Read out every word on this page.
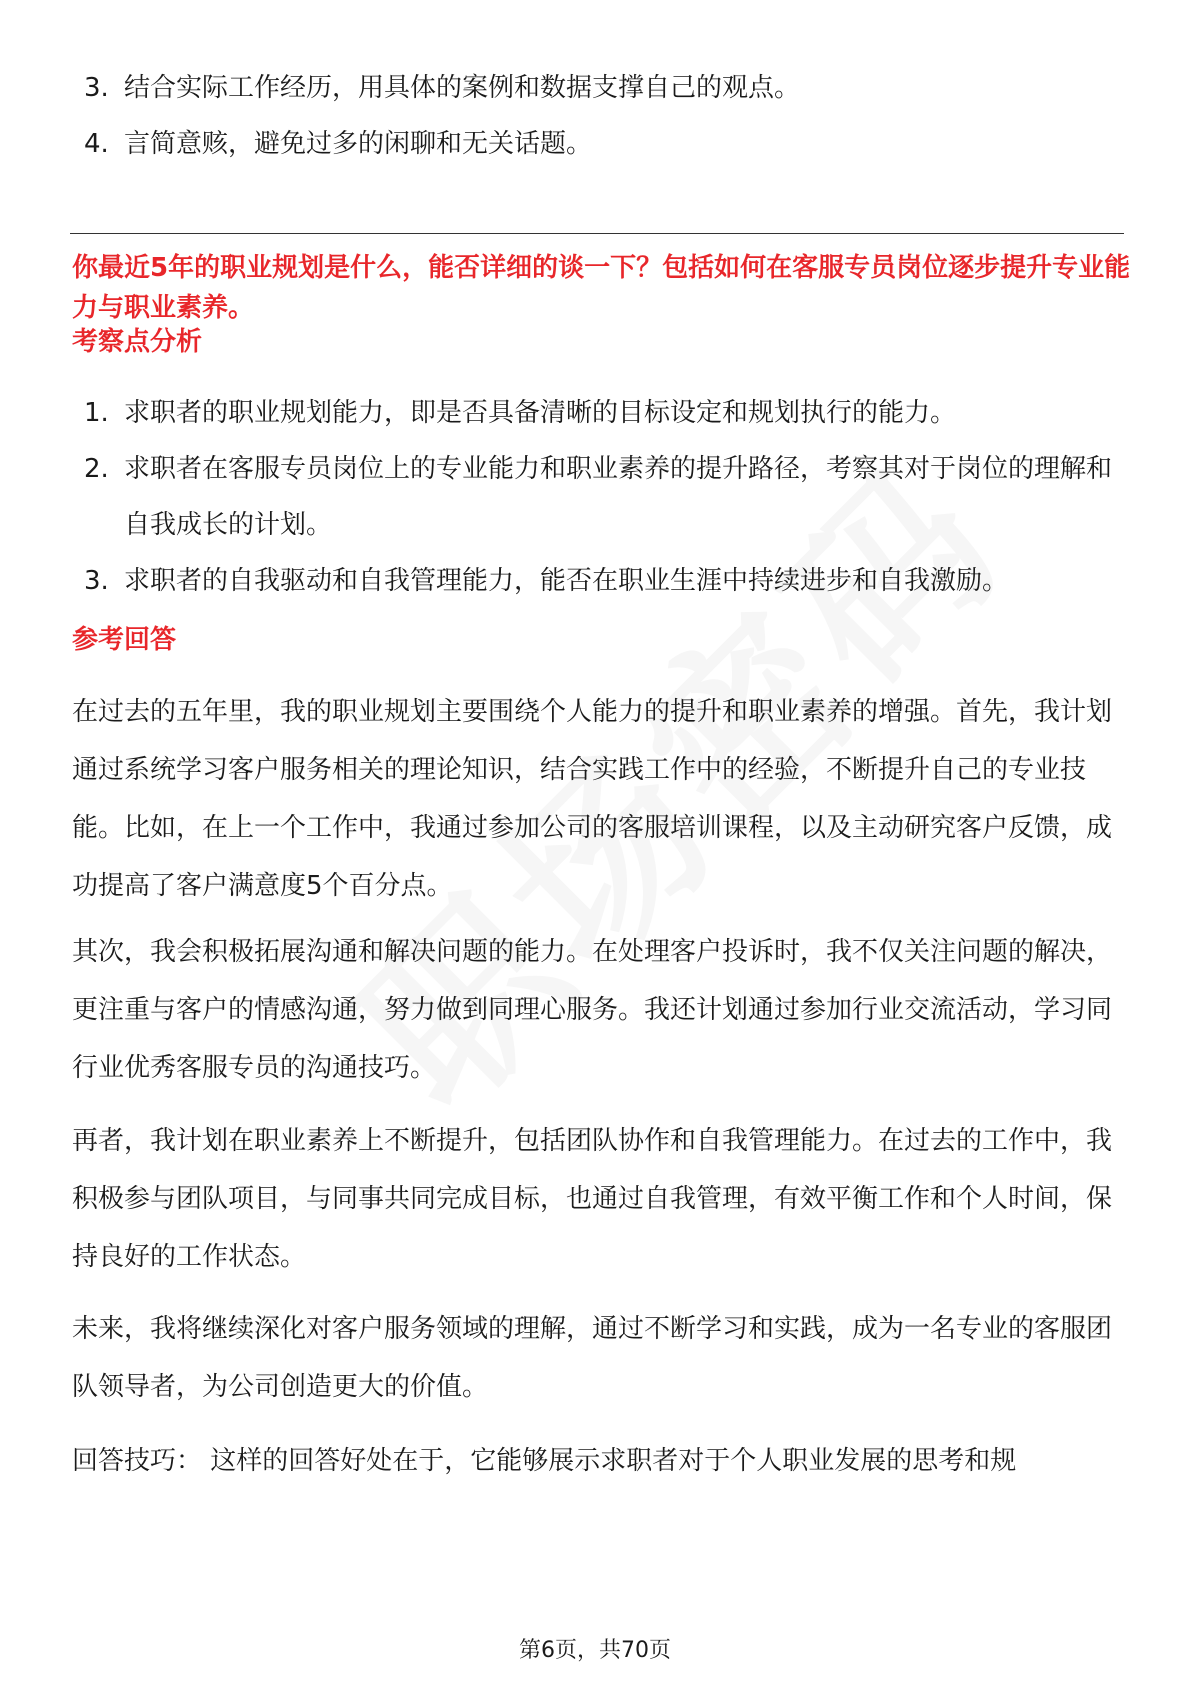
3. 结合实际工作经历，用具体的案例和数据支撑自己的观点。
4. 言简意赅，避免过多的闲聊和无关话题。
你最近5年的职业规划是什么，能否详细的谈一下？包括如何在客服专员岗位逐步提升专业能力与职业素养。
考察点分析
1. 求职者的职业规划能力，即是否具备清晰的目标设定和规划执行的能力。
2. 求职者在客服专员岗位上的专业能力和职业素养的提升路径，考察其对于岗位的理解和自我成长的计划。
3. 求职者的自我驱动和自我管理能力，能否在职业生涯中持续进步和自我激励。
参考回答

在过去的五年里，我的职业规划主要围绕个人能力的提升和职业素养的增强。首先，我计划通过系统学习客户服务相关的理论知识，结合实践工作中的经验，不断提升自己的专业技能。比如，在上一个工作中，我通过参加公司的客服培训课程，以及主动研究客户反馈，成功提高了客户满意度5个百分点。

其次，我会积极拓展沟通和解决问题的能力。在处理客户投诉时，我不仅关注问题的解决，更注重与客户的情感沟通，努力做到同理心服务。我还计划通过参加行业交流活动，学习同行业优秀客服专员的沟通技巧。

再者，我计划在职业素养上不断提升，包括团队协作和自我管理能力。在过去的工作中，我积极参与团队项目，与同事共同完成目标，也通过自我管理，有效平衡工作和个人时间，保持良好的工作状态。

未来，我将继续深化对客户服务领域的理解，通过不断学习和实践，成为一名专业的客服团队领导者，为公司创造更大的价值。

回答技巧： 这样的回答好处在于，它能够展示求职者对于个人职业发展的思考和规

第6页，共70页
